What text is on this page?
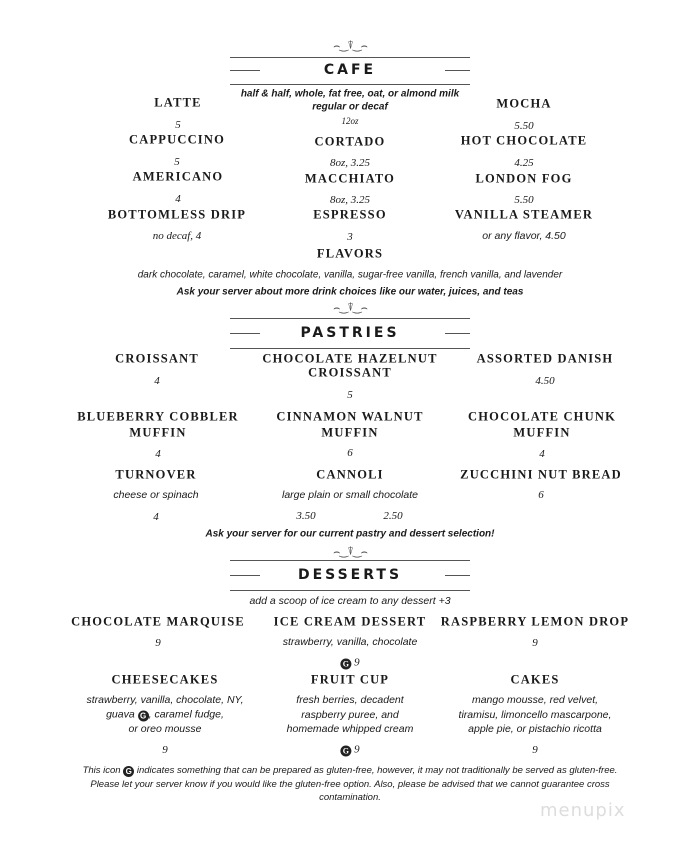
⌢‿⍒‿⌢
CAFE
half & half, whole, fat free, oat, or almond milk
regular or decaf
12oz
LATTE
5
CAPPUCCINO
5
AMERICANO
4
BOTTOMLESS DRIP
no decaf, 4
CORTADO
8oz, 3.25
MACCHIATO
8oz, 3.25
ESPRESSO
3
MOCHA
5.50
HOT CHOCOLATE
4.25
LONDON FOG
5.50
VANILLA STEAMER
or any flavor, 4.50
FLAVORS
dark chocolate, caramel, white chocolate, vanilla, sugar-free vanilla, french vanilla, and lavender
Ask your server about more drink choices like our water, juices, and teas
⌢‿⍒‿⌢
PASTRIES
CROISSANT
4
CHOCOLATE HAZELNUT
CROISSANT
5
ASSORTED DANISH
4.50
BLUEBERRY COBBLER
MUFFIN
4
CINNAMON WALNUT
MUFFIN
6
CHOCOLATE CHUNK
MUFFIN
4
TURNOVER
cheese or spinach
4
CANNOLI
large plain or small chocolate
3.50	2.50
ZUCCHINI NUT BREAD
6
Ask your server for our current pastry and dessert selection!
⌢‿⍒‿⌢
DESSERTS
add a scoop of ice cream to any dessert +3
CHOCOLATE MARQUISE
9
ICE CREAM DESSERT
strawberry, vanilla, chocolate
G 9
RASPBERRY LEMON DROP
9
CHEESECAKES
strawberry, vanilla, chocolate, NY,
guava G , caramel fudge,
or oreo mousse
9
FRUIT CUP
fresh berries, decadent
raspberry puree, and
homemade whipped cream
G 9
CAKES
mango mousse, red velvet,
tiramisu, limoncello mascarpone,
apple pie, or pistachio ricotta
9
This icon G indicates something that can be prepared as gluten-free, however, it may not traditionally be served as gluten-free. Please let your server know if you would like the gluten-free option. Also, please be advised that we cannot guarantee cross contamination.
menupix
